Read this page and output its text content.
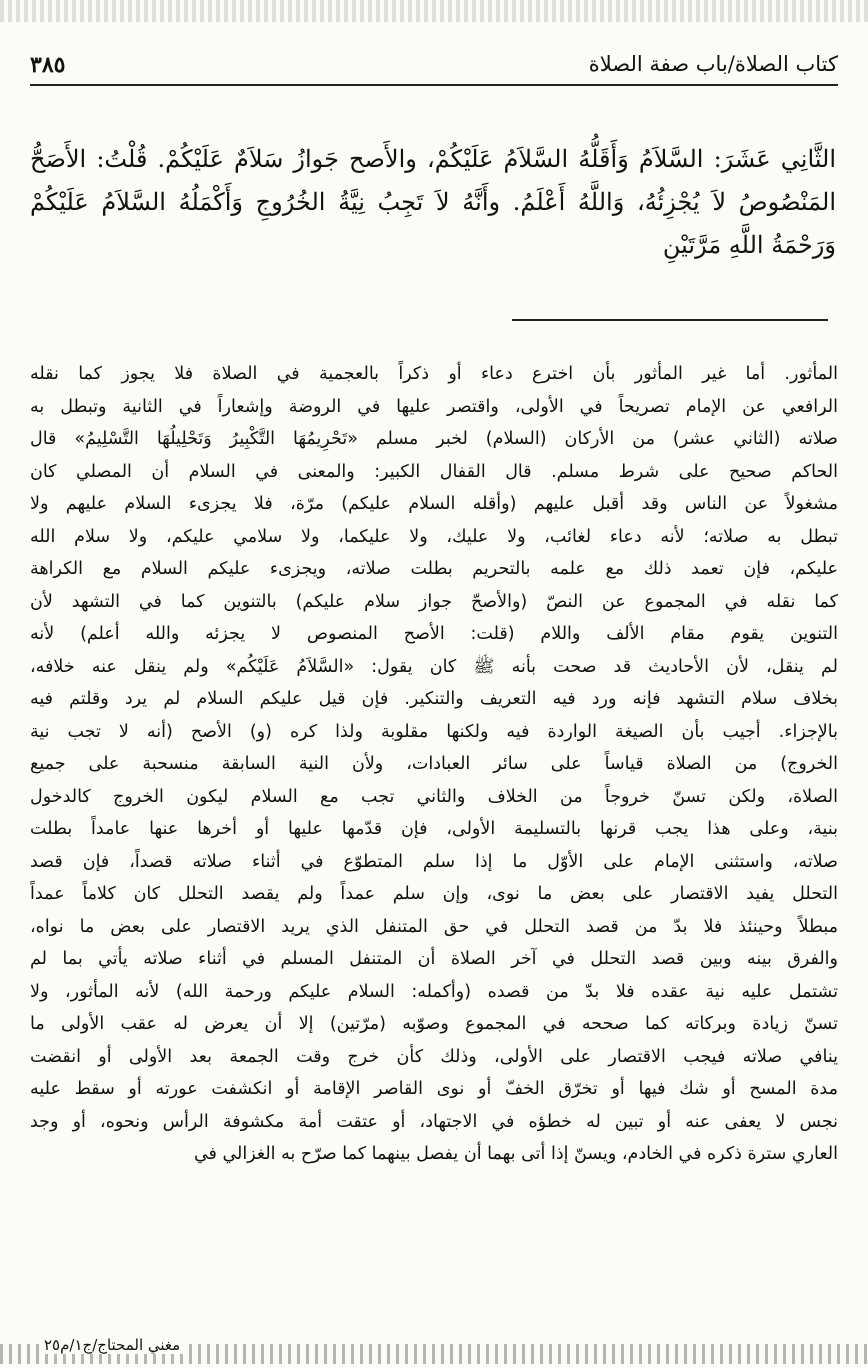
كتاب الصلاة/باب صفة الصلاة
٣٨٥
الثَّانِي عَشَرَ: السَّلاَمُ وَأَقَلُّهُ السَّلاَمُ عَلَيْكُمْ، والأَصح جَوازُ سَلاَمٌ عَلَيْكُمْ. قُلْتُ: الأَصَحُّ
المَنْصُوصُ لاَ يُجْزِئُهُ، وَاللَّهُ أَعْلَمُ. وأَنَّهُ لاَ تَجِبُ نِيَّةُ الخُرُوجِ وَأَكْمَلُهُ السَّلاَمُ عَلَيْكُمْ
وَرَحْمَةُ اللَّهِ مَرَّتَيْنِ
المأثور. أما غير المأثور بأن اخترع دعاء أو ذكراً بالعجمية في الصلاة فلا يجوز كما نقله
الرافعي عن الإمام تصريحاً في الأولى، واقتصر عليها في الروضة وإشعاراً في الثانية وتبطل به
صلاته (الثاني عشر) من الأركان (السلام) لخبر مسلم «تَحْرِيمُهَا التَّكْبِيرُ وَتَحْلِيلُهَا التَّسْلِيمُ» قال
الحاكم صحيح على شرط مسلم. قال القفال الكبير: والمعنى في السلام أن المصلي كان
مشغولاً عن الناس وقد أقبل عليهم (وأقله السلام عليكم) مرّة، فلا يجزىء السلام عليهم ولا
تبطل به صلاته؛ لأنه دعاء لغائب، ولا عليك، ولا عليكما، ولا سلامي عليكم، ولا سلام الله
عليكم، فإن تعمد ذلك مع علمه بالتحريم بطلت صلاته، ويجزىء عليكم السلام مع الكراهة
كما نقله في المجموع عن النصّ (والأصحّ جواز سلام عليكم) بالتنوين كما في التشهد لأن
التنوين يقوم مقام الألف واللام (قلت: الأصح المنصوص لا يجزئه والله أعلم) لأنه
لم ينقل، لأن الأحاديث قد صحت بأنه ﷺ كان يقول: «السَّلاَمُ عَلَيْكُم» ولم ينقل عنه خلافه،
بخلاف سلام التشهد فإنه ورد فيه التعريف والتنكير. فإن قيل عليكم السلام لم يرد وقلتم فيه
بالإجزاء. أجيب بأن الصيغة الواردة فيه ولكنها مقلوبة ولذا كره (و) الأصح (أنه لا تجب نية
الخروج) من الصلاة قياساً على سائر العبادات، ولأن النية السابقة منسحبة على جميع
الصلاة، ولكن تسنّ خروجاً من الخلاف والثاني تجب مع السلام ليكون الخروج كالدخول
بنية، وعلى هذا يجب قرنها بالتسليمة الأولى، فإن قدّمها عليها أو أخرها عنها عامداً بطلت
صلاته، واستثنى الإمام على الأوّل ما إذا سلم المتطوّع في أثناء صلاته قصداً، فإن قصد
التحلل يفيد الاقتصار على بعض ما نوى، وإن سلم عمداً ولم يقصد التحلل كان كلاماً عمداً
مبطلاً وحينئذ فلا بدّ من قصد التحلل في حق المتنفل الذي يريد الاقتصار على بعض ما نواه،
والفرق بينه وبين قصد التحلل في آخر الصلاة أن المتنفل المسلم في أثناء صلاته يأتي بما لم
تشتمل عليه نية عقده فلا بدّ من قصده (وأكمله: السلام عليكم ورحمة الله) لأنه المأثور، ولا
تسنّ زيادة وبركاته كما صححه في المجموع وصوّبه (مرّتين) إلا أن يعرض له عقب الأولى ما
ينافي صلاته فيجب الاقتصار على الأولى، وذلك كأن خرج وقت الجمعة بعد الأولى أو انقضت
مدة المسح أو شك فيها أو تخرّق الخفّ أو نوى القاصر الإقامة أو انكشفت عورته أو سقط عليه
نجس لا يعفى عنه أو تبين له خطؤه في الاجتهاد، أو عتقت أمة مكشوفة الرأس ونحوه، أو وجد
العاري سترة ذكره في الخادم، ويسنّ إذا أتى بهما أن يفصل بينهما كما صرّح به الغزالي في
مغني المحتاج/ج١/م٢٥
